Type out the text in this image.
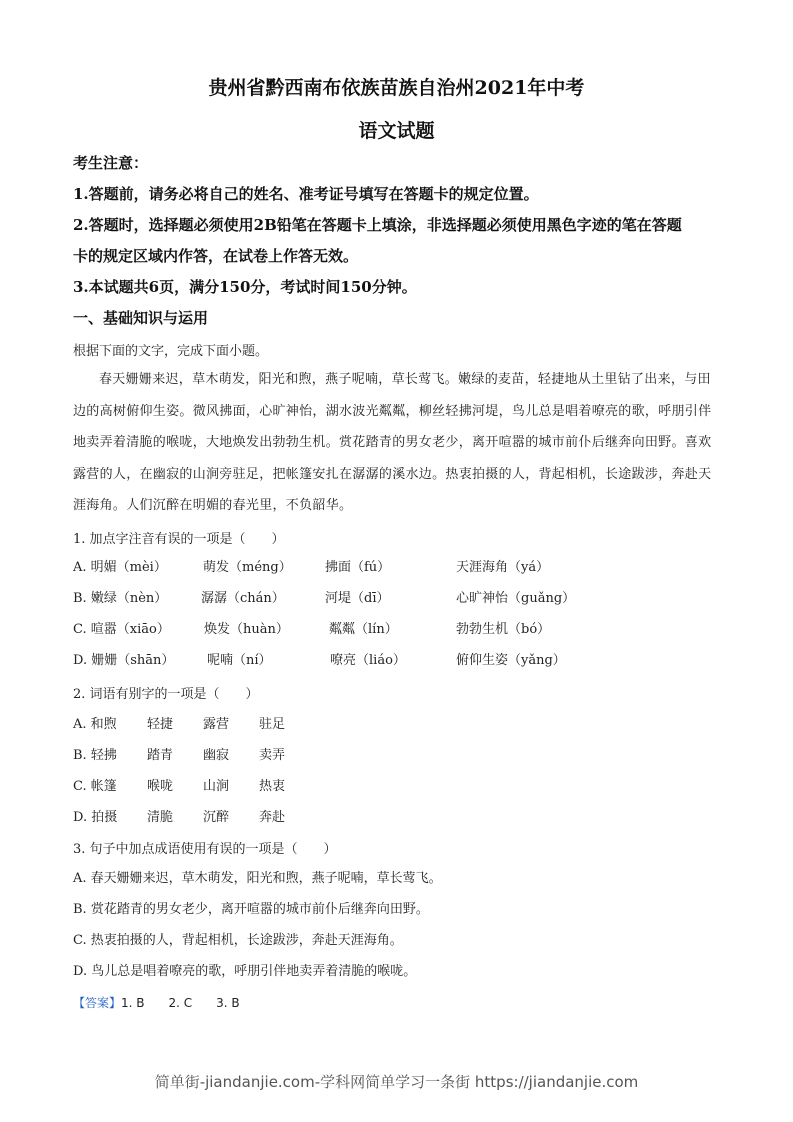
贵州省黔西南布依族苗族自治州2021年中考
语文试题
考生注意：
1.答题前，请务必将自己的姓名、准考证号填写在答题卡的规定位置。
2.答题时，选择题必须使用2B铅笔在答题卡上填涂，非选择题必须使用黑色字迹的笔在答题
卡的规定区域内作答，在试卷上作答无效。
3.本试题共6页，满分150分，考试时间150分钟。
一、基础知识与运用
根据下面的文字，完成下面小题。
春天姗姗来迟，草木萌发，阳光和煦，燕子呢喃，草长莺飞。嫩绿的麦苗，轻捷地从土里钻了出来，与田边的高树俯仰生姿。微风拂面，心旷神怡，湖水波光粼粼，柳丝轻拂河堤，鸟儿总是唱着嘹亮的歌，呼朋引伴地卖弄着清脆的喉咙，大地焕发出勃勃生机。赏花踏青的男女老少，离开喧嚣的城市前仆后继奔向田野。喜欢露营的人，在幽寂的山涧旁驻足，把帐篷安扎在潺潺的溪水边。热衷拍摄的人，背起相机，长途跋涉，奔赴天涯海角。人们沉醉在明媚的春光里，不负韶华。
1. 加点字注音有误的一项是（　　）
A. 明媚（mèi）	萌发（méng）	拂面（fú）	天涯海角（yá）
B. 嫩绿（nèn）	潺潺（chán）	河堤（dī）	心旷神怡（guǎng）
C. 喧嚣（xiāo）	焕发（huàn）	粼粼（lín）	勃勃生机（bó）
D. 姗姗（shān）	呢喃（ní）	嘹亮（liáo）	俯仰生姿（yǎng）
2. 词语有别字的一项是（　　）
A. 和煦 轻捷 露营 驻足
B. 轻拂 踏青 幽寂 卖弄
C. 帐篷 喉咙 山涧 热衷
D. 拍摄 清脆 沉醉 奔赴
3. 句子中加点成语使用有误的一项是（　　）
A. 春天姗姗来迟，草木萌发，阳光和煦，燕子呢喃，草长莺飞。
B. 赏花踏青的男女老少，离开喧嚣的城市前仆后继奔向田野。
C. 热衷拍摄的人，背起相机，长途跋涉，奔赴天涯海角。
D. 鸟儿总是唱着嘹亮的歌，呼朋引伴地卖弄着清脆的喉咙。
【答案】1. B　　2. C　　3. B
简单街-jiandanjie.com-学科网简单学习一条街 https://jiandanjie.com
